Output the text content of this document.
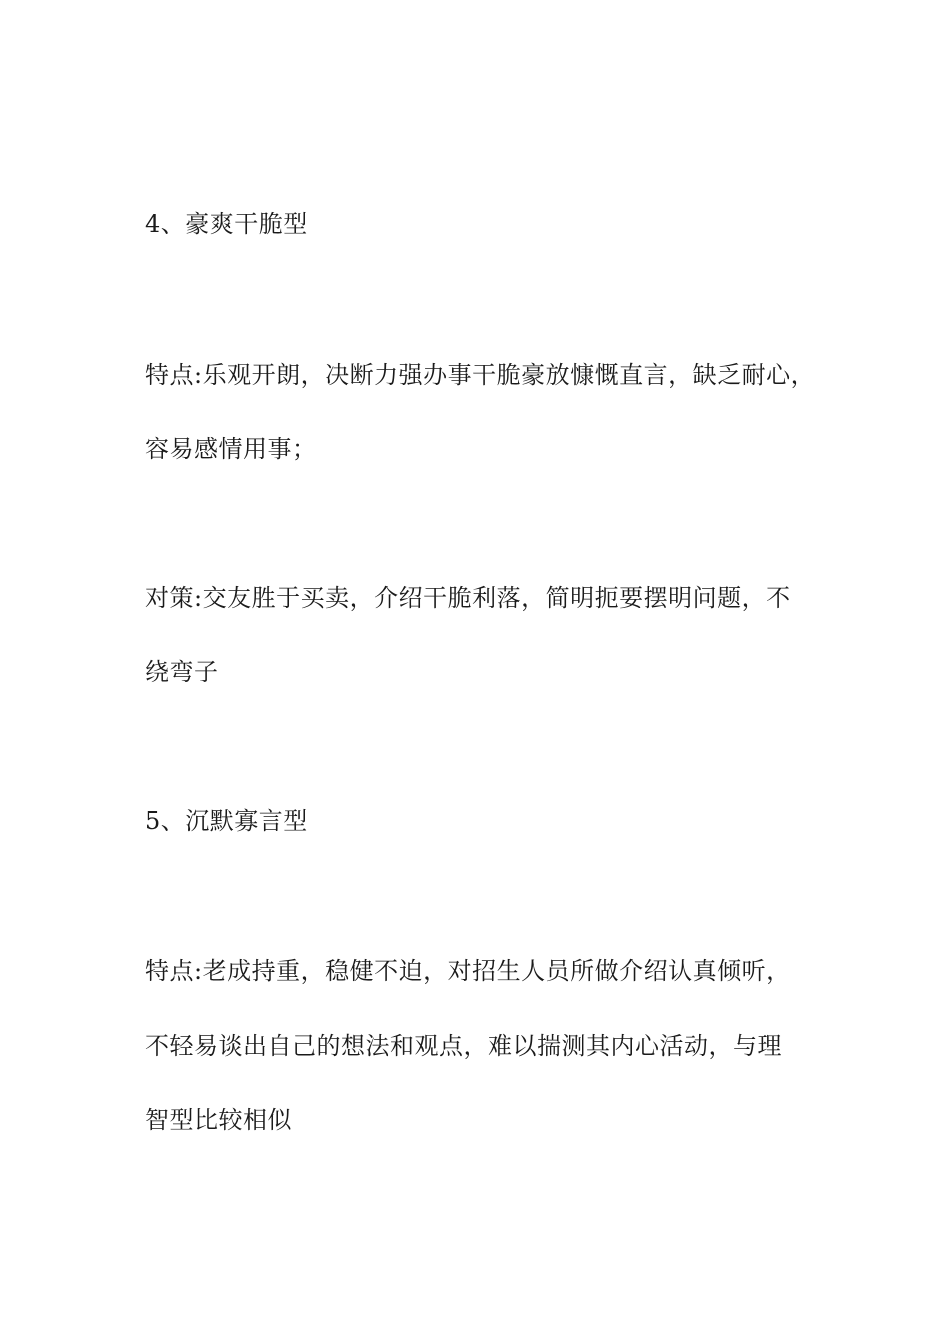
4、豪爽干脆型
特点:乐观开朗，决断力强办事干脆豪放慷慨直言，缺乏耐心，
容易感情用事；
对策:交友胜于买卖，介绍干脆利落，简明扼要摆明问题，不
绕弯子
5、沉默寡言型
特点:老成持重，稳健不迫，对招生人员所做介绍认真倾听，
不轻易谈出自己的想法和观点，难以揣测其内心活动，与理
智型比较相似
